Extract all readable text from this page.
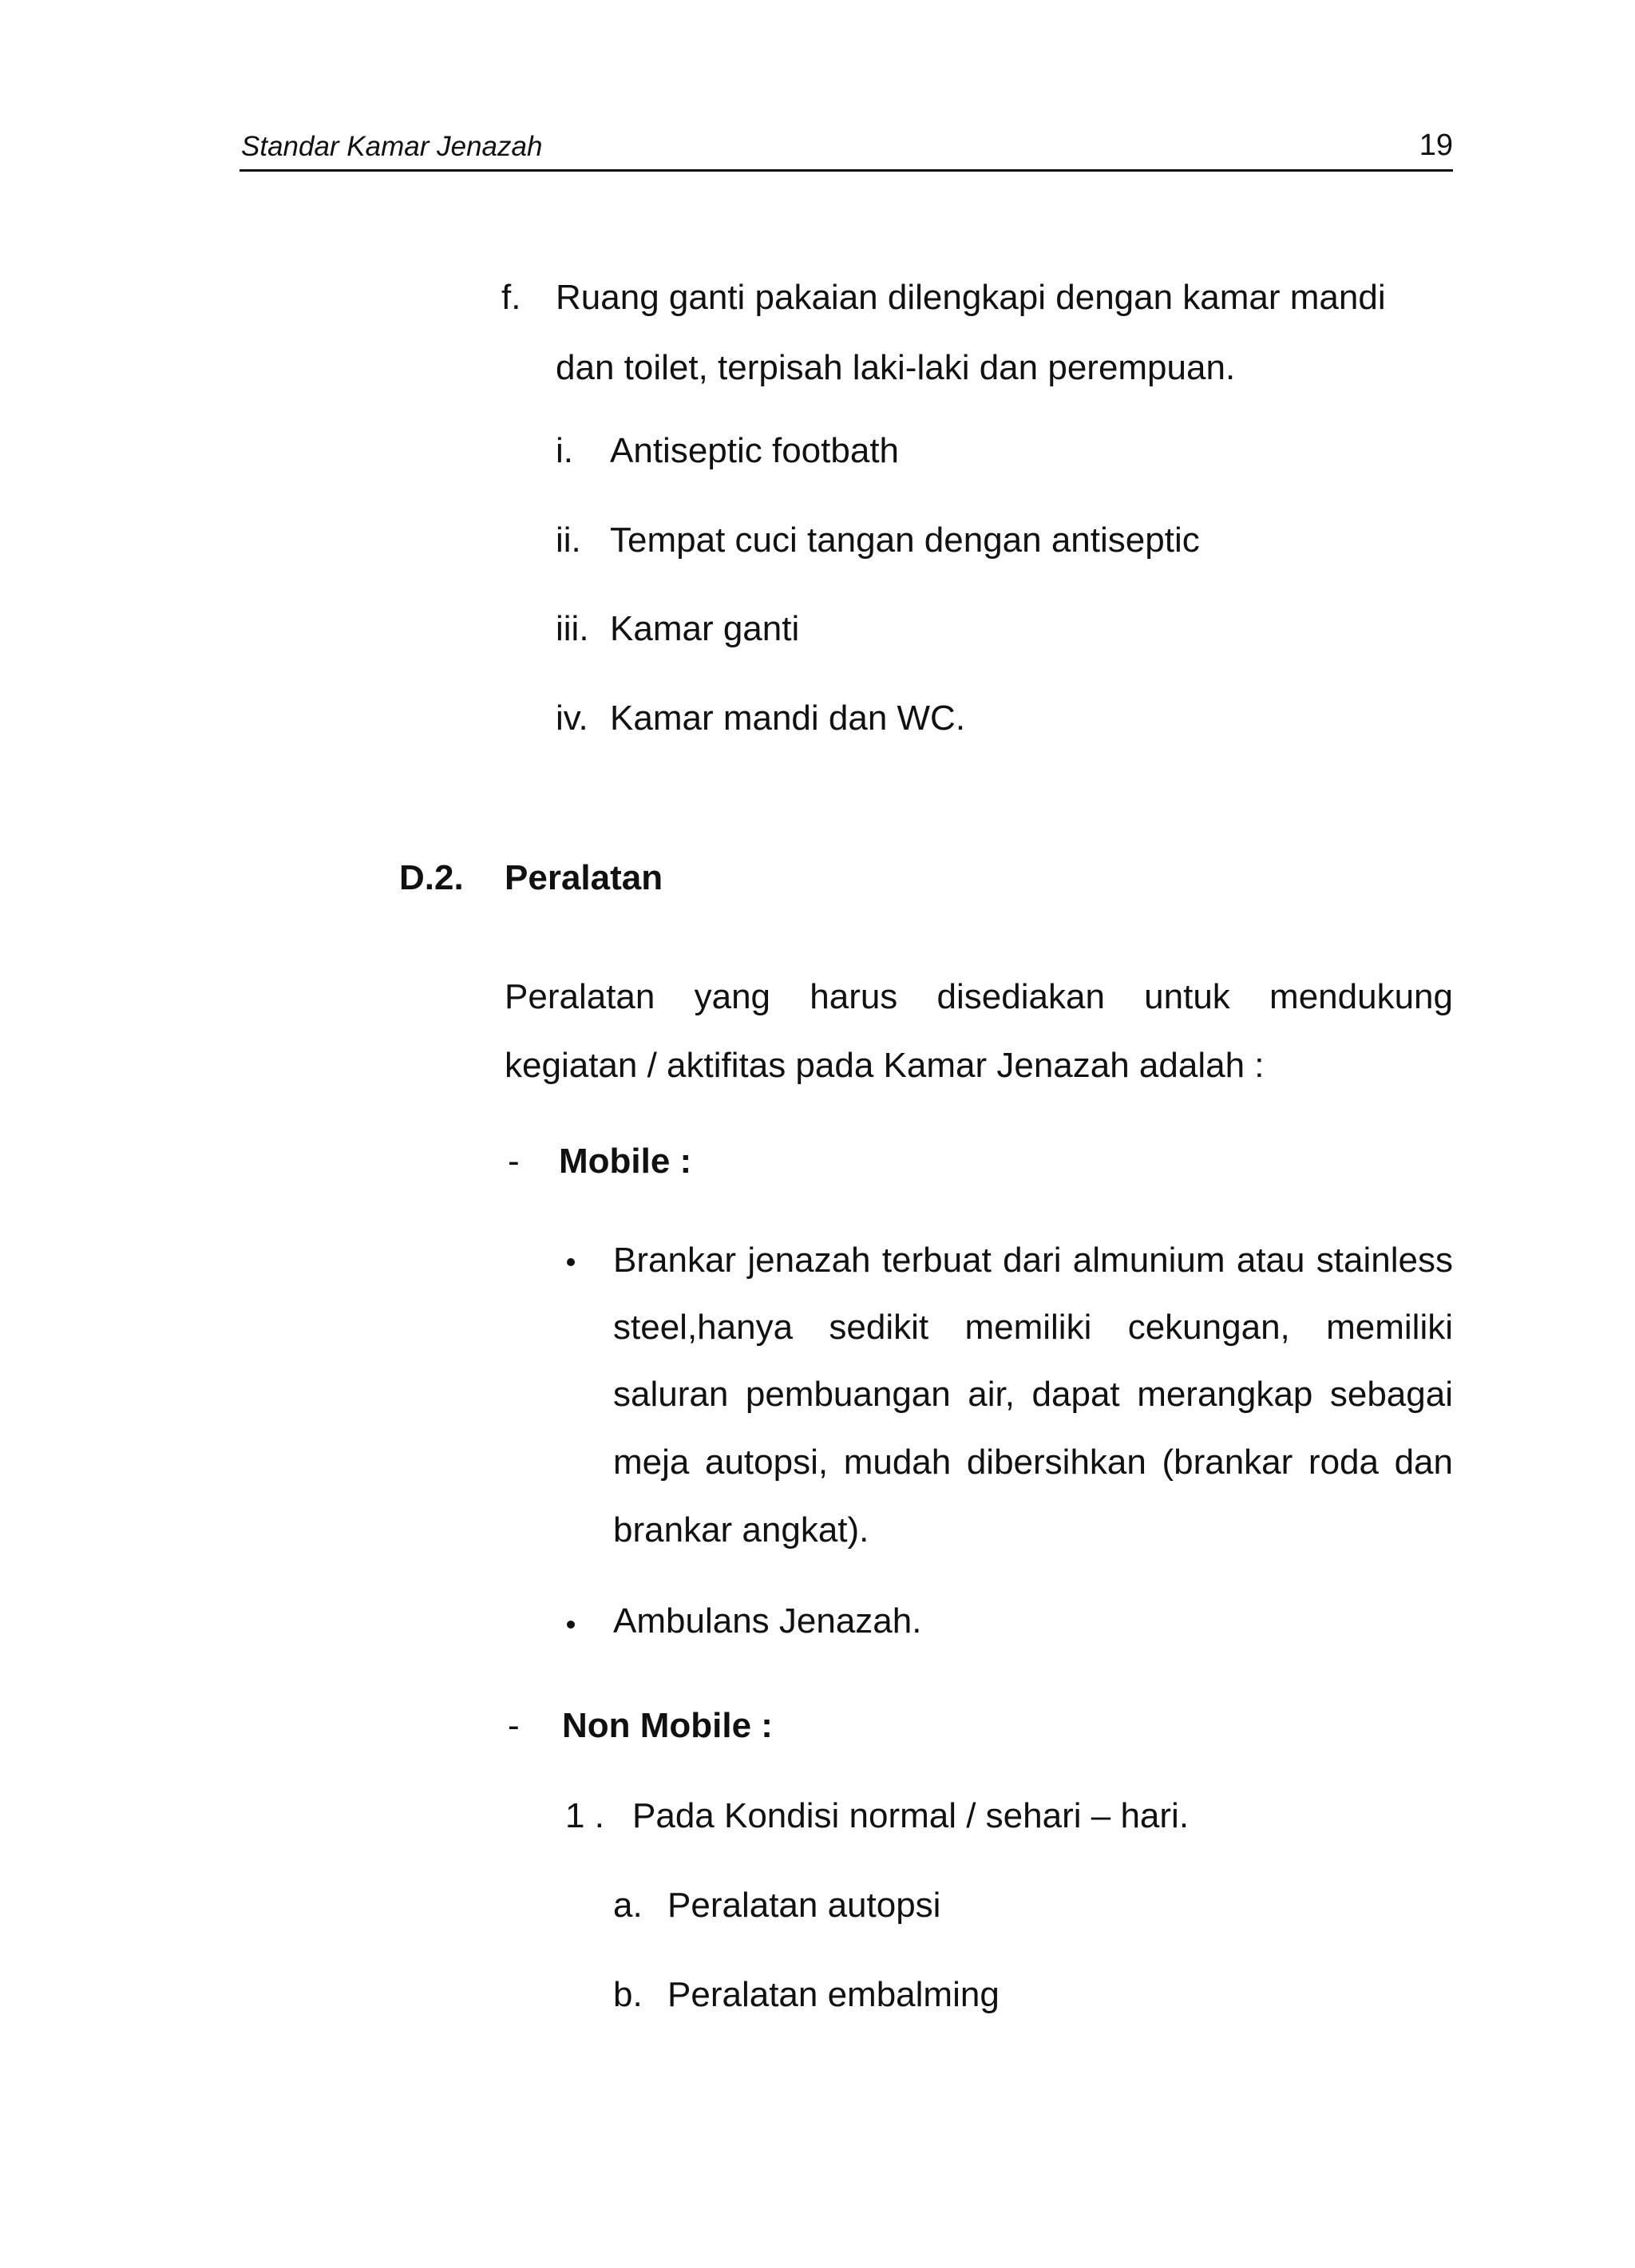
Standar Kamar Jenazah	19
f. Ruang ganti pakaian dilengkapi dengan kamar mandi
dan toilet, terpisah laki-laki dan perempuan.
i. Antiseptic footbath
ii. Tempat cuci tangan dengan antiseptic
iii. Kamar ganti
iv. Kamar mandi dan WC.
D.2. Peralatan
Peralatan yang harus disediakan untuk mendukung
kegiatan / aktifitas pada Kamar Jenazah adalah :
- Mobile :
Brankar jenazah terbuat dari almunium atau stainless
steel,hanya sedikit memiliki cekungan, memiliki
saluran pembuangan air, dapat merangkap sebagai
meja autopsi, mudah dibersihkan (brankar roda dan
brankar angkat).
Ambulans Jenazah.
- Non Mobile :
1 . Pada Kondisi normal / sehari – hari.
a. Peralatan autopsi
b. Peralatan embalming
